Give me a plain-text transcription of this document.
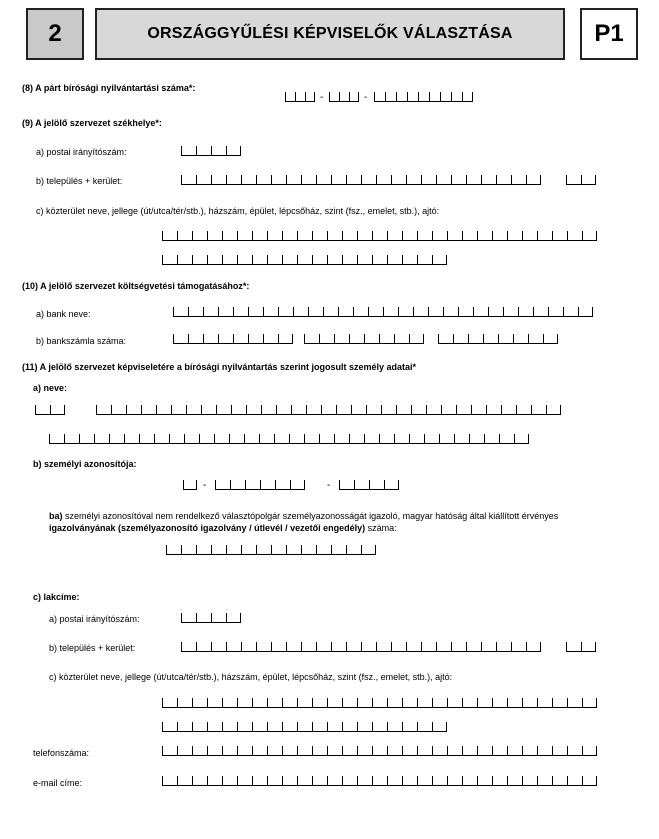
2	ORSZÁGGYŰLÉSI KÉPVISELŐK VÁLASZTÁSA	P1
(8) A párt bírósági nyilvántartási száma*:
-	-
(9) A jelölő szervezet székhelye*:
a) postai irányítószám:
b) település + kerület:
c) közterület neve, jellege (út/utca/tér/stb.), házszám, épület, lépcsőház, szint (fsz., emelet, stb.), ajtó:
(10) A jelölő szervezet költségvetési támogatásához*:
a) bank neve:
b) bankszámla száma:
(11) A jelölő szervezet képviseletére a bírósági nyilvántartás szerint jogosult személy adatai*
a) neve:
b) személyi azonosítója:
-	-
ba) személyi azonosítóval nem rendelkező választópolgár személyazonosságát igazoló, magyar hatóság által kiállított érvényes
igazolványának (személyazonosító igazolvány / útlevél / vezetői engedély) száma:
c) lakcíme:
a) postai irányítószám:
b) település + kerület:
c) közterület neve, jellege (út/utca/tér/stb.), házszám, épület, lépcsőház, szint (fsz., emelet, stb.), ajtó:
telefonszáma:
e-mail címe:
